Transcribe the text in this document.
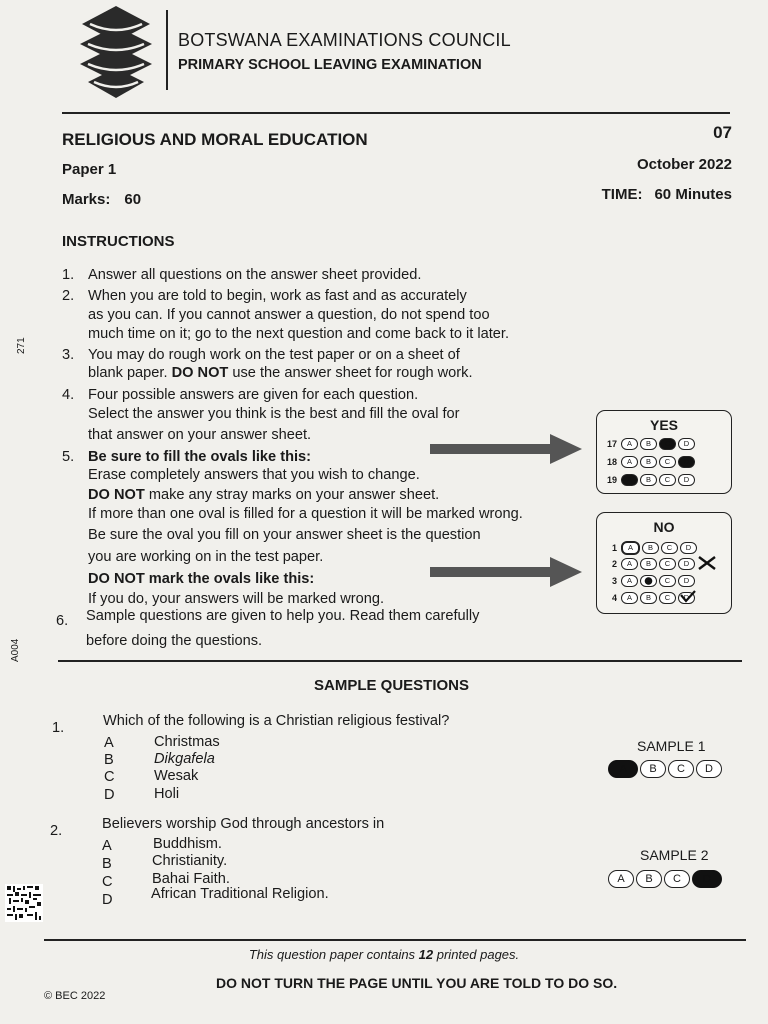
BOTSWANA EXAMINATIONS COUNCIL
PRIMARY SCHOOL LEAVING EXAMINATION
RELIGIOUS AND MORAL EDUCATION	07
Paper 1	October 2022
Marks: 60	TIME: 60 Minutes
271
A004
INSTRUCTIONS
1. Answer all questions on the answer sheet provided.
2. When you are told to begin, work as fast and as accurately
as you can. If you cannot answer a question, do not spend too
much time on it; go to the next question and come back to it later.
3. You may do rough work on the test paper or on a sheet of
blank paper. DO NOT use the answer sheet for rough work.
4. Four possible answers are given for each question.
Select the answer you think is the best and fill the oval for
that answer on your answer sheet.
5. Be sure to fill the ovals like this:
Erase completely answers that you wish to change.
DO NOT make any stray marks on your answer sheet.
If more than one oval is filled for a question it will be marked wrong.
Be sure the oval you fill on your answer sheet is the question
you are working on in the test paper.
DO NOT mark the ovals like this:
If you do, your answers will be marked wrong.
6. Sample questions are given to help you. Read them carefully
before doing the questions.
YES
17	A	B	C	D
18	A	B	C	D
19	A	B	C	D
NO
1	A	B	C	D
2	A	B	C	D
3	A	B	C	D
4	A	B	C	D
SAMPLE QUESTIONS
1.	Which of the following is a Christian religious festival?
A	Christmas
B	Dikgafela
C	Wesak
D	Holi
SAMPLE 1
A	B	C	D
2.	Believers worship God through ancestors in
A	Buddhism.
B	Christianity.
C	Bahai Faith.
D	African Traditional Religion.
SAMPLE 2
A	B	C	D
This question paper contains 12 printed pages.
DO NOT TURN THE PAGE UNTIL YOU ARE TOLD TO DO SO.
© BEC 2022
